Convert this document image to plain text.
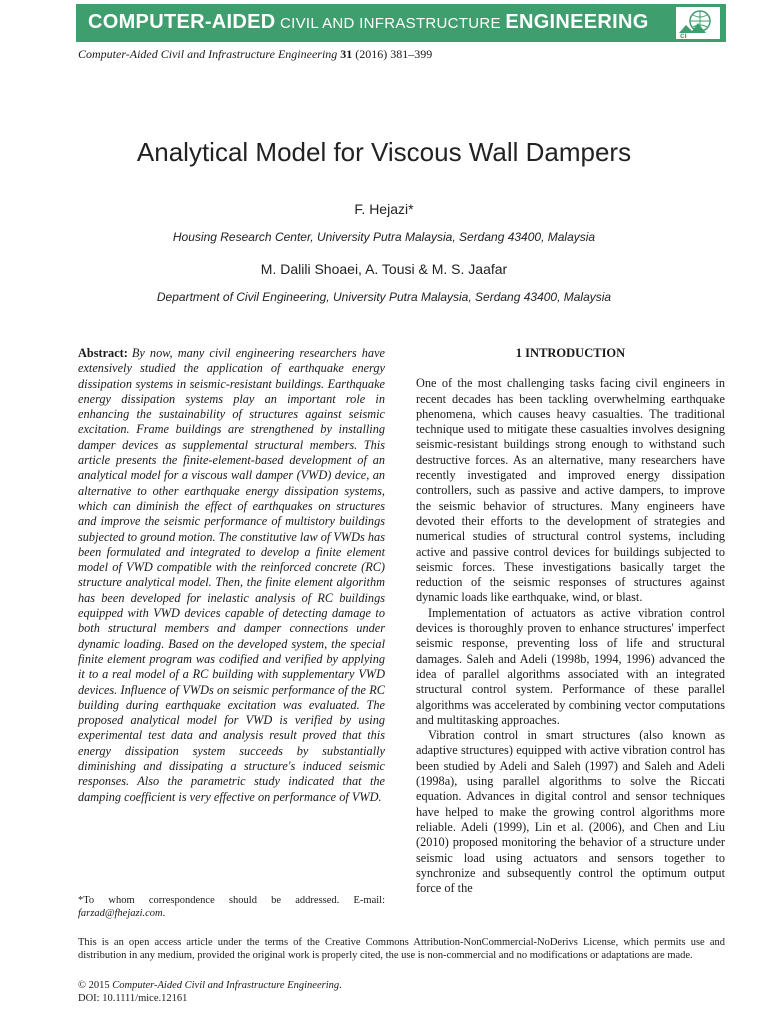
COMPUTER-AIDED CIVIL AND INFRASTRUCTURE ENGINEERING
ci
Computer-Aided Civil and Infrastructure Engineering 31 (2016) 381–399
Analytical Model for Viscous Wall Dampers
F. Hejazi*
Housing Research Center, University Putra Malaysia, Serdang 43400, Malaysia
M. Dalili Shoaei, A. Tousi & M. S. Jaafar
Department of Civil Engineering, University Putra Malaysia, Serdang 43400, Malaysia

Abstract: By now, many civil engineering researchers have extensively studied the application of earthquake energy dissipation systems in seismic-resistant buildings. Earthquake energy dissipation systems play an important role in enhancing the sustainability of structures against seismic excitation. Frame buildings are strengthened by installing damper devices as supplemental structural members. This article presents the finite-element-based development of an analytical model for a viscous wall damper (VWD) device, an alternative to other earthquake energy dissipation systems, which can diminish the effect of earthquakes on structures and improve the seismic performance of multistory buildings subjected to ground motion. The constitutive law of VWDs has been formulated and integrated to develop a finite element model of VWD compatible with the reinforced concrete (RC) structure analytical model. Then, the finite element algorithm has been developed for inelastic analysis of RC buildings equipped with VWD devices capable of detecting damage to both structural members and damper connections under dynamic loading. Based on the developed system, the special finite element program was codified and verified by applying it to a real model of a RC building with supplementary VWD devices. Influence of VWDs on seismic performance of the RC building during earthquake excitation was evaluated. The proposed analytical model for VWD is verified by using experimental test data and analysis result proved that this energy dissipation system succeeds by substantially diminishing and dissipating a structure's induced seismic responses. Also the parametric study indicated that the damping coefficient is very effective on performance of VWD.

*To whom correspondence should be addressed. E-mail: farzad@fhejazi.com.
1 INTRODUCTION

One of the most challenging tasks facing civil engineers in recent decades has been tackling overwhelming earthquake phenomena, which causes heavy casualties. The traditional technique used to mitigate these casualties involves designing seismic-resistant buildings strong enough to withstand such destructive forces. As an alternative, many researchers have recently investigated and improved energy dissipation controllers, such as passive and active dampers, to improve the seismic behavior of structures. Many engineers have devoted their efforts to the development of strategies and numerical studies of structural control systems, including active and passive control devices for buildings subjected to seismic forces. These investigations basically target the reduction of the seismic responses of structures against dynamic loads like earthquake, wind, or blast.

Implementation of actuators as active vibration control devices is thoroughly proven to enhance structures' imperfect seismic response, preventing loss of life and structural damages. Saleh and Adeli (1998b, 1994, 1996) advanced the idea of parallel algorithms associated with an integrated structural control system. Performance of these parallel algorithms was accelerated by combining vector computations and multitasking approaches.

Vibration control in smart structures (also known as adaptive structures) equipped with active vibration control has been studied by Adeli and Saleh (1997) and Saleh and Adeli (1998a), using parallel algorithms to solve the Riccati equation. Advances in digital control and sensor techniques have helped to make the growing control algorithms more reliable. Adeli (1999), Lin et al. (2006), and Chen and Liu (2010) proposed monitoring the behavior of a structure under seismic load using actuators and sensors together to synchronize and subsequently control the optimum output force of the

This is an open access article under the terms of the Creative Commons Attribution-NonCommercial-NoDerivs License, which permits use and distribution in any medium, provided the original work is properly cited, the use is non-commercial and no modifications or adaptations are made.
© 2015 Computer-Aided Civil and Infrastructure Engineering.
DOI: 10.1111/mice.12161
